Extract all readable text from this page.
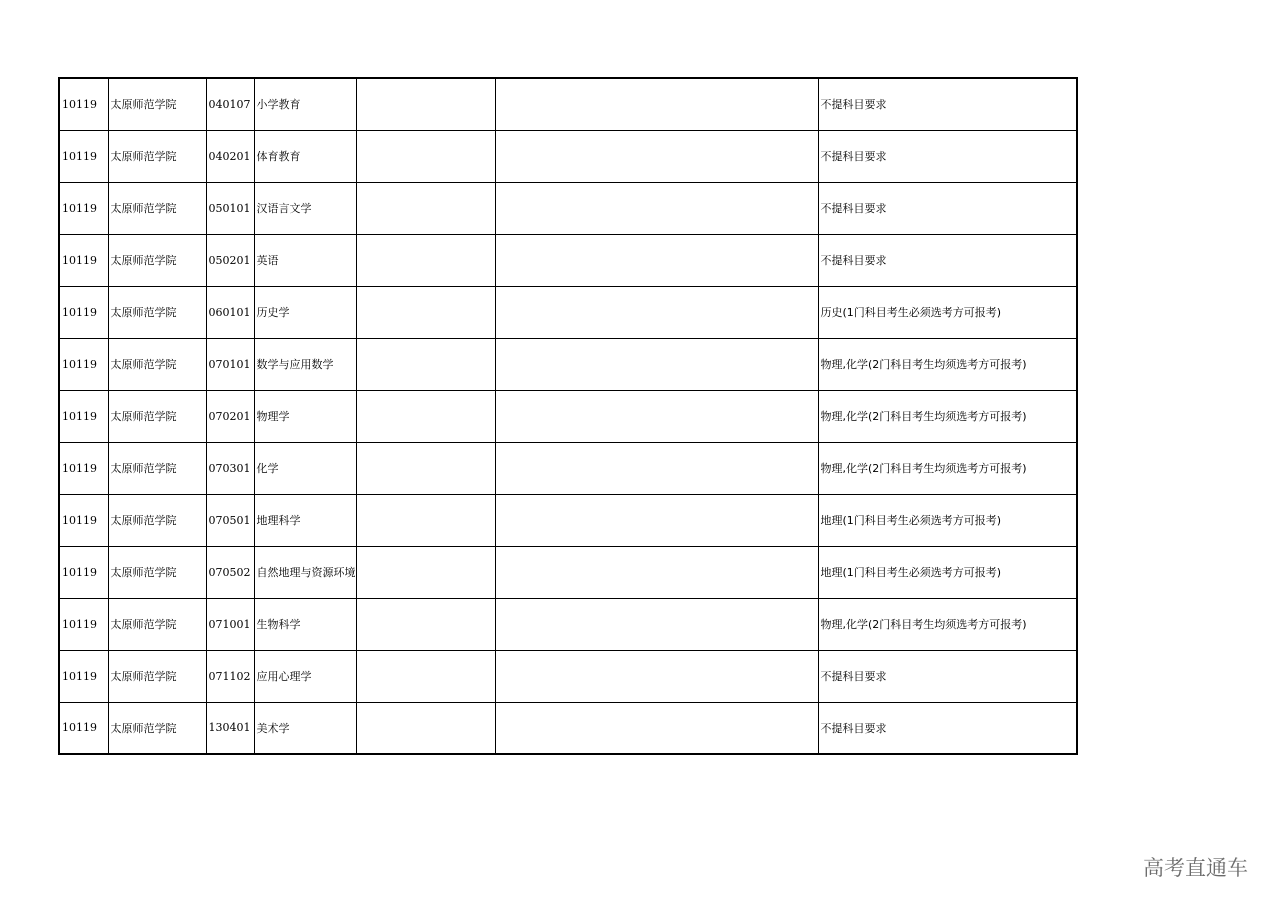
10119	太原师范学院	040107	小学教育			不提科目要求
10119	太原师范学院	040201	体育教育			不提科目要求
10119	太原师范学院	050101	汉语言文学			不提科目要求
10119	太原师范学院	050201	英语			不提科目要求
10119	太原师范学院	060101	历史学			历史(1门科目考生必须选考方可报考)
10119	太原师范学院	070101	数学与应用数学			物理,化学(2门科目考生均须选考方可报考)
10119	太原师范学院	070201	物理学			物理,化学(2门科目考生均须选考方可报考)
10119	太原师范学院	070301	化学			物理,化学(2门科目考生均须选考方可报考)
10119	太原师范学院	070501	地理科学			地理(1门科目考生必须选考方可报考)
10119	太原师范学院	070502	自然地理与资源环境			地理(1门科目考生必须选考方可报考)
10119	太原师范学院	071001	生物科学			物理,化学(2门科目考生均须选考方可报考)
10119	太原师范学院	071102	应用心理学			不提科目要求
10119	太原师范学院	130401	美术学			不提科目要求
高考直通车
